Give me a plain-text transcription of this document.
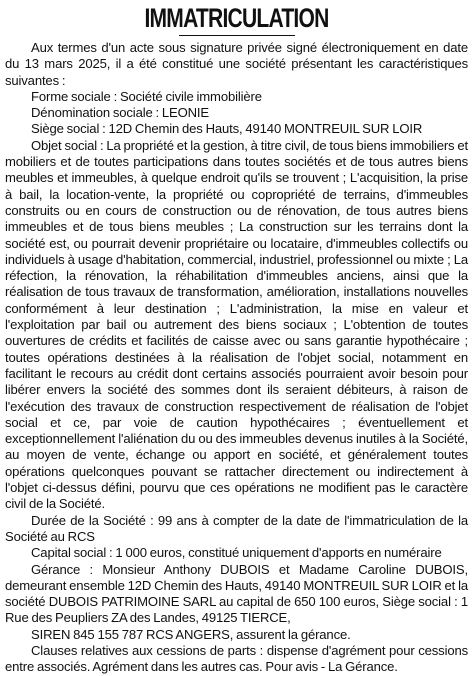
IMMATRICULATION

Aux termes d'un acte sous signature privée signé électroniquement en date du 13 mars 2025, il a été constitué une société présentant les caractéristiques suivantes :

Forme sociale : Société civile immobilière

Dénomination sociale : LEONIE

Siège social : 12D Chemin des Hauts, 49140 MONTREUIL SUR LOIR

Objet social : La propriété et la gestion, à titre civil, de tous biens immobiliers et mobiliers et de toutes participations dans toutes sociétés et de tous autres biens meubles et immeubles, à quelque endroit qu'ils se trouvent ; L'acquisition, la prise à bail, la location-vente, la propriété ou copropriété de terrains, d'immeubles construits ou en cours de construction ou de rénovation, de tous autres biens immeubles et de tous biens meubles ; La construction sur les terrains dont la société est, ou pourrait devenir propriétaire ou locataire, d'immeubles collectifs ou individuels à usage d'habitation, commercial, industriel, professionnel ou mixte ; La réfection, la rénovation, la réhabilitation d'immeubles anciens, ainsi que la réalisation de tous travaux de transformation, amélioration, installations nouvelles conformément à leur destination ; L'administration, la mise en valeur et l'exploitation par bail ou autrement des biens sociaux ; L'obtention de toutes ouvertures de crédits et facilités de caisse avec ou sans garantie hypothécaire ; toutes opérations destinées à la réalisation de l'objet social, notamment en facilitant le recours au crédit dont certains associés pourraient avoir besoin pour libérer envers la société des sommes dont ils seraient débiteurs, à raison de l'exécution des travaux de construction respectivement de réalisation de l'objet social et ce, par voie de caution hypothécaires ; éventuellement et exceptionnellement l'aliénation du ou des immeubles devenus inutiles à la Société, au moyen de vente, échange ou apport en société, et généralement toutes opérations quelconques pouvant se rattacher directement ou indirectement à l'objet ci-dessus défini, pourvu que ces opérations ne modifient pas le caractère civil de la Société.

Durée de la Société : 99 ans à compter de la date de l'immatriculation de la Société au RCS

Capital social : 1 000 euros, constitué uniquement d'apports en numéraire

Gérance : Monsieur Anthony DUBOIS et Madame Caroline DUBOIS, demeurant ensemble 12D Chemin des Hauts, 49140 MONTREUIL SUR LOIR et la société DUBOIS PATRIMOINE SARL au capital de 650 100 euros, Siège social : 1 Rue des Peupliers ZA des Landes, 49125 TIERCE,

SIREN 845 155 787 RCS ANGERS, assurent la gérance.

Clauses relatives aux cessions de parts : dispense d'agrément pour cessions entre associés. Agrément dans les autres cas. Pour avis - La Gérance.
